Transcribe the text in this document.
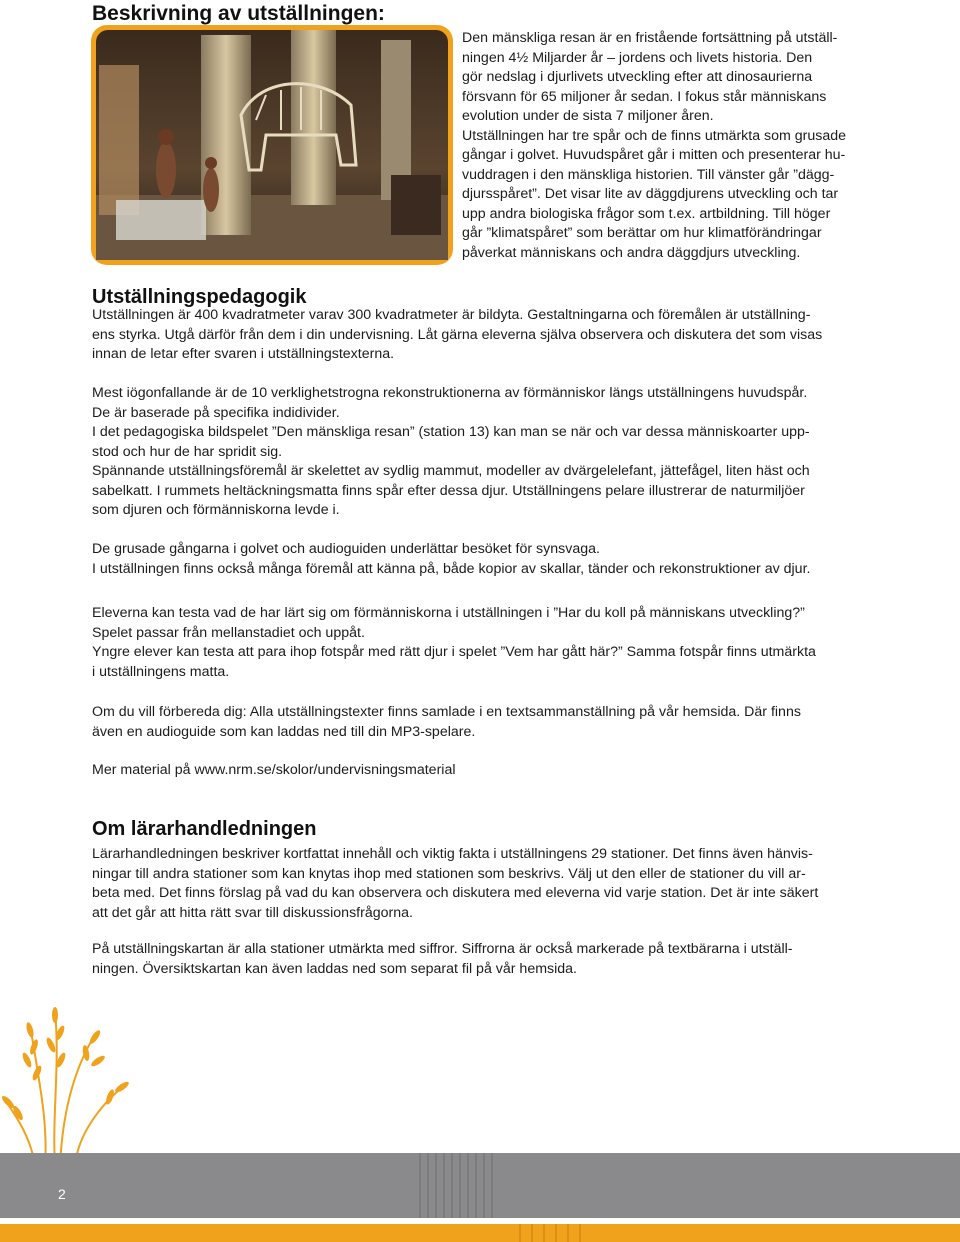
Beskrivning av utställningen:
Den mänskliga resan är en fristående fortsättning på utställ-
ningen 4½ Miljarder år – jordens och livets historia. Den
gör nedslag i djurlivets utveckling efter att dinosaurierna
försvann för 65 miljoner år sedan. I fokus står människans
evolution under de sista 7 miljoner åren.
Utställningen har tre spår och de finns utmärkta som grusade
gångar i golvet. Huvudspåret går i mitten och presenterar hu-
vuddragen i den mänskliga historien. Till vänster går ”dägg-
djursspåret”. Det visar lite av däggdjurens utveckling och tar
upp andra biologiska frågor som t.ex. artbildning. Till höger
går ”klimatspåret” som berättar om hur klimatförändringar
påverkat människans och andra däggdjurs utveckling.
Utställningspedagogik
Utställningen är 400 kvadratmeter varav 300 kvadratmeter är bildyta. Gestaltningarna och föremålen är utställning-
ens styrka. Utgå därför från dem i din undervisning. Låt gärna eleverna själva observera och diskutera det som visas
innan de letar efter svaren i utställningstexterna.
Mest iögonfallande är de 10 verklighetstrogna rekonstruktionerna av förmänniskor längs utställningens huvudspår.
De är baserade på specifika indidivider.
I det pedagogiska bildspelet ”Den mänskliga resan” (station 13) kan man se när och var dessa människoarter upp-
stod och hur de har spridit sig.
Spännande utställningsföremål är skelettet av sydlig mammut, modeller av dvärgelelefant, jättefågel, liten häst och
sabelkatt. I rummets heltäckningsmatta finns spår efter dessa djur. Utställningens pelare illustrerar de naturmiljöer
som djuren och förmänniskorna levde i.
De grusade gångarna i golvet och audioguiden underlättar besöket för synsvaga.
I utställningen finns också många föremål att känna på, både kopior av skallar, tänder och rekonstruktioner av djur.
Eleverna kan testa vad de har lärt sig om förmänniskorna i utställningen i ”Har du koll på människans utveckling?”
Spelet passar från mellanstadiet och uppåt.
Yngre elever kan testa att para ihop fotspår med rätt djur i spelet ”Vem har gått här?” Samma fotspår finns utmärkta
i utställningens matta.
Om du vill förbereda dig: Alla utställningstexter finns samlade i en textsammanställning på vår hemsida. Där finns
även en audioguide som kan laddas ned till din MP3-spelare.
Mer material på www.nrm.se/skolor/undervisningsmaterial
Om lärarhandledningen
Lärarhandledningen beskriver kortfattat innehåll och viktig fakta i utställningens 29 stationer. Det finns även hänvis-
ningar till andra stationer som kan knytas ihop med stationen som beskrivs. Välj ut den eller de stationer du vill ar-
beta med. Det finns förslag på vad du kan observera och diskutera med eleverna vid varje station. Det är inte säkert
att det går att hitta rätt svar till diskussionsfrågorna.
På utställningskartan är alla stationer utmärkta med siffror. Siffrorna är också markerade på textbärarna i utställ-
ningen. Översiktskartan kan även laddas ned som separat fil på vår hemsida.
2
